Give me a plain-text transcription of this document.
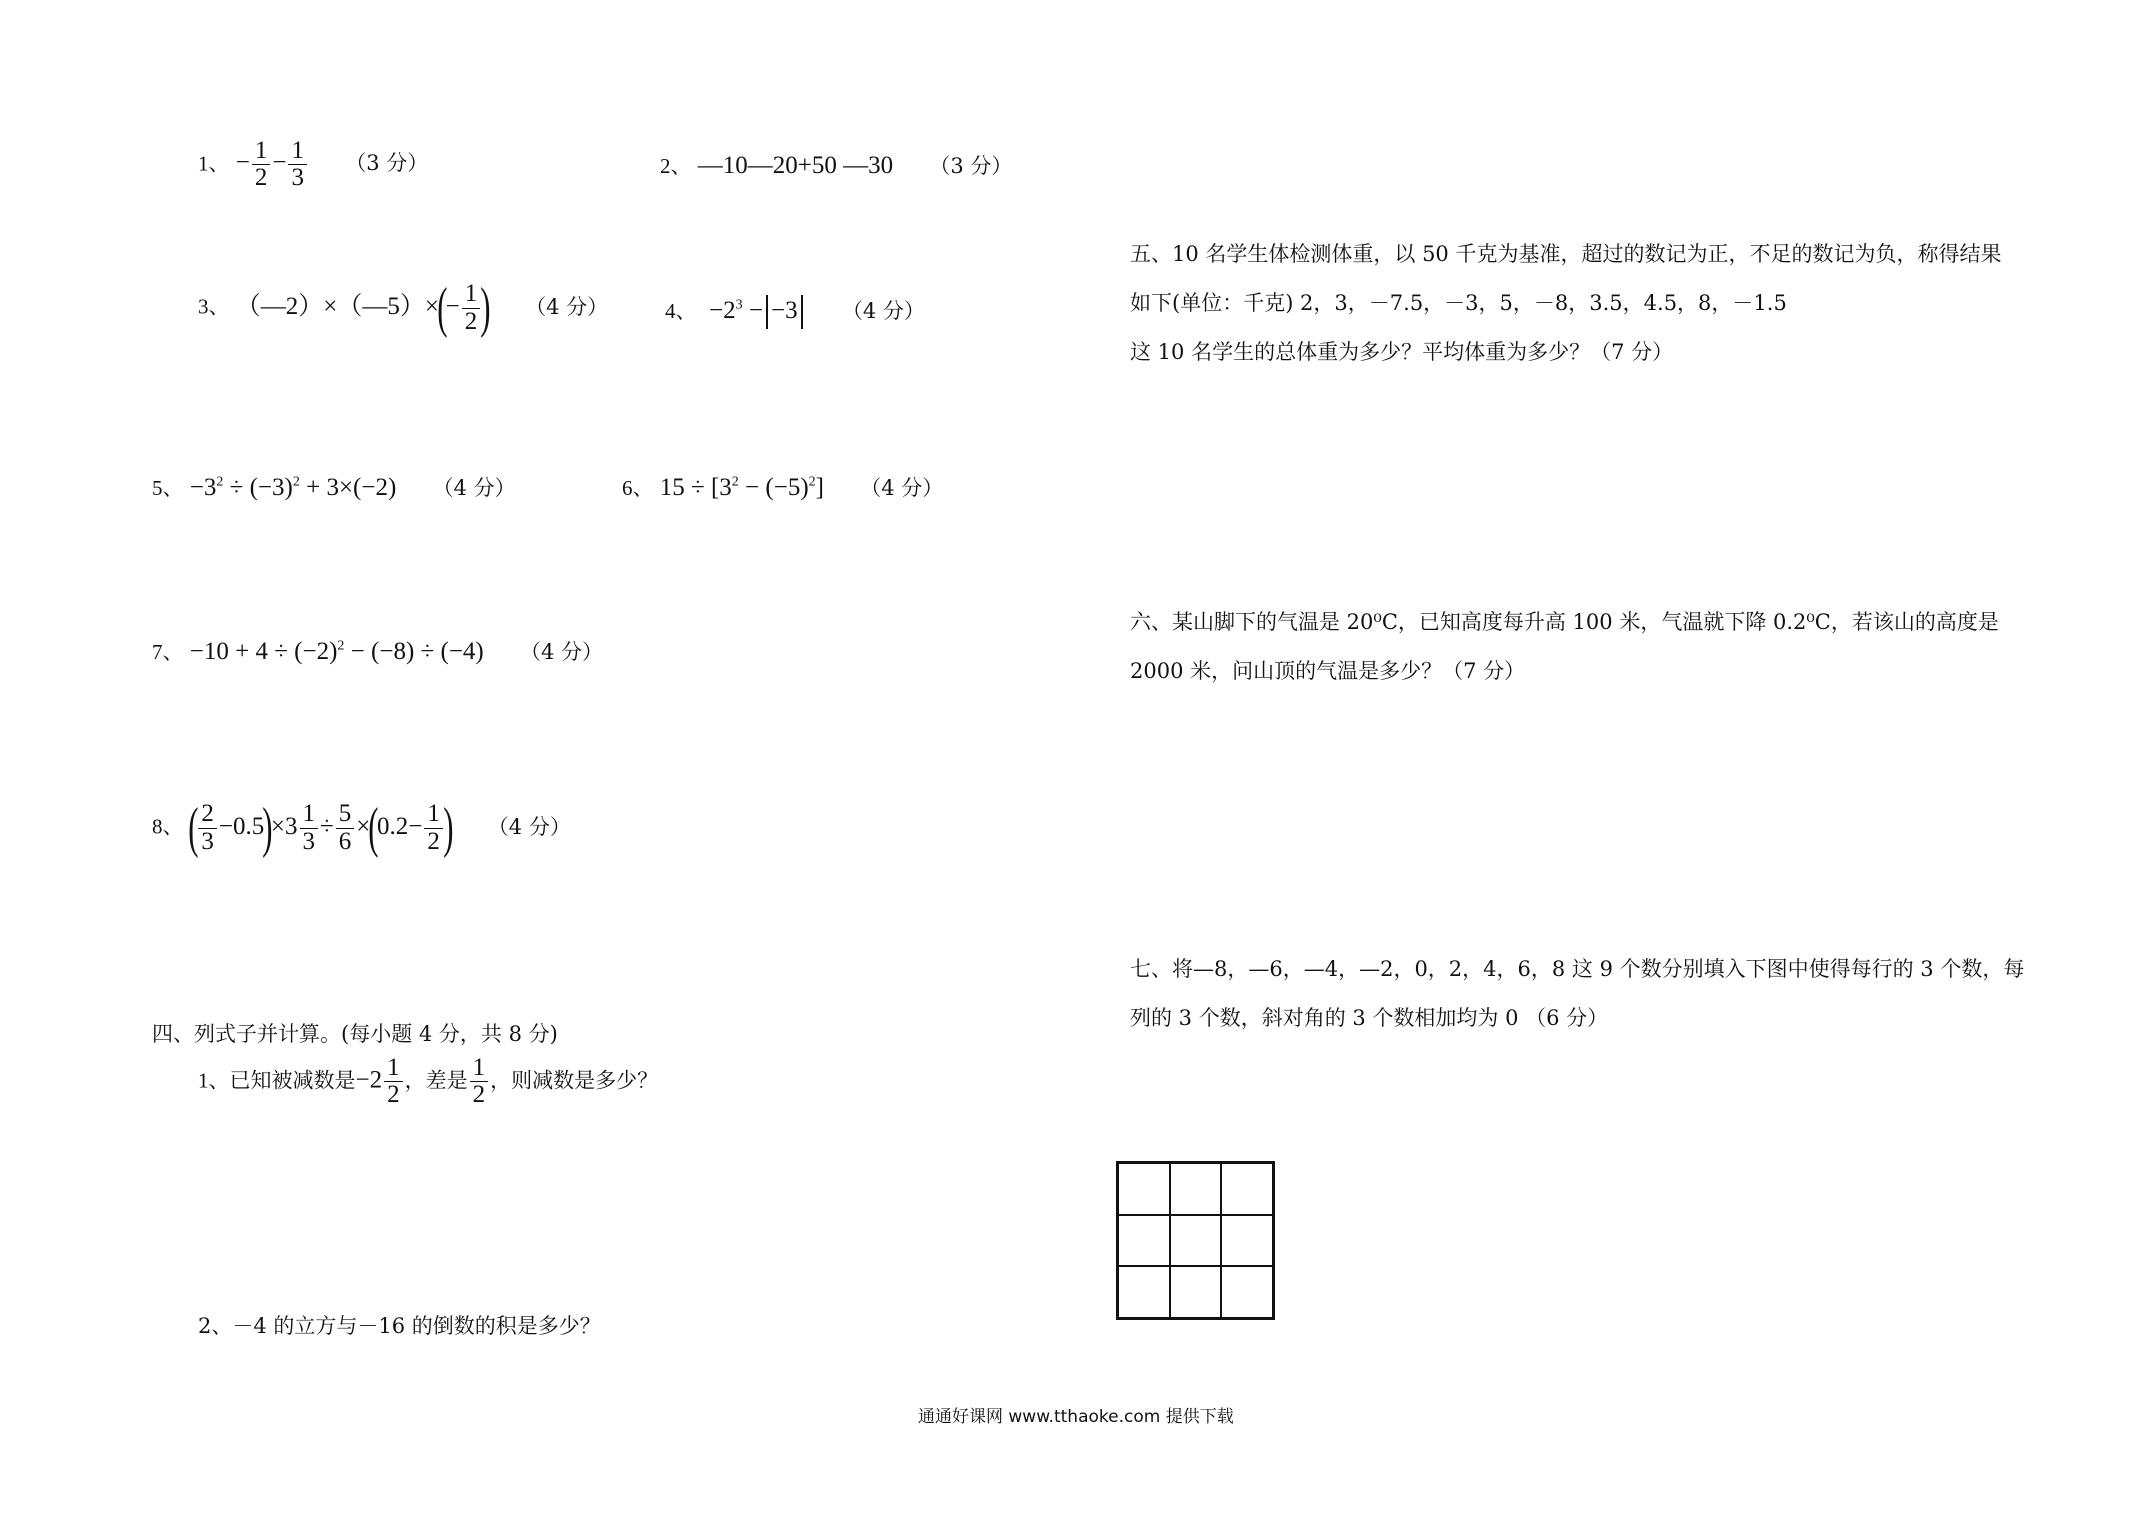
1、 − $\frac{1}{2} - \frac{1}{3} (3$ 分）	2、 —10—20+50 —30 （3 分）
3、 （—2）×（—5）×(− $\frac{1}{2}$ ) （4 分）	4、  $-2^3 - -3$ （4 分）
5、 $-3^2 \div (-3)^2 + 3\times(-2)$ （4 分）	6、 $15 \div [3^2 - (-5)^2]$ （4 分）
7、 $-10 + 4 \div (-2)^2 - (-8) \div (-4)$ （4 分）
8、 ( $\frac{2}{3} -0.5)\times 3 \frac{1}{3} \div \frac{5}{6} \times(0.2- \frac{1}{2}$ ) （4 分）
四、列式子并计算。(每小题 4 分，共 8 分)
1、已知被减数是$-2 \frac{1}{2}$ ，差是 $\frac{1}{2}$ ，则减数是多少？
2、－4 的立方与－16 的倒数的积是多少？
五、10 名学生体检测体重，以 50 千克为基准，超过的数记为正，不足的数记为负，称得结果
如下(单位：千克) 2，3，－7.5，－3，5，－8，3.5，4.5，8，－1.5
这 10 名学生的总体重为多少？平均体重为多少？（7 分）
六、某山脚下的气温是 20⁰C，已知高度每升高 100 米，气温就下降 0.2⁰C，若该山的高度是
2000 米，问山顶的气温是多少？（7 分）
七、将—8，—6，—4，—2，0，2，4，6，8 这 9 个数分别填入下图中使得每行的 3 个数，每
列的 3 个数，斜对角的 3 个数相加均为 0 （6 分）
通通好课网 www.tthaoke.com 提供下载
